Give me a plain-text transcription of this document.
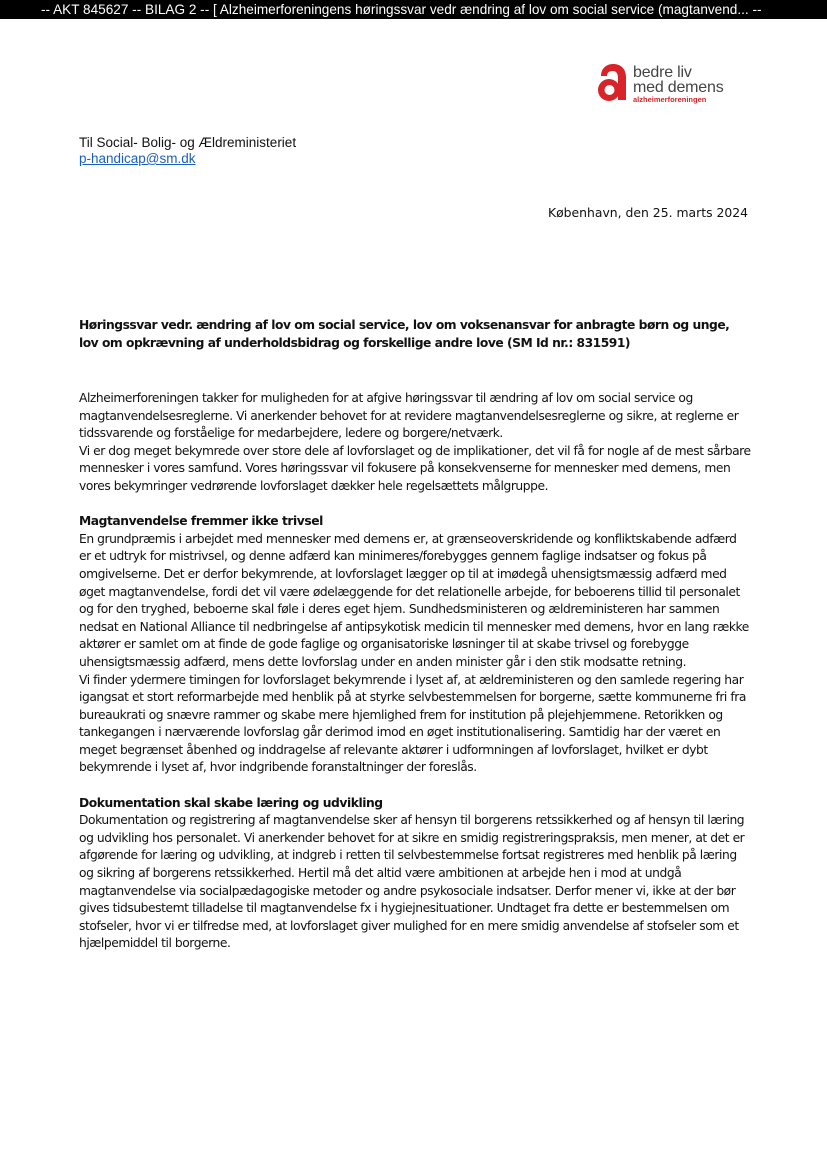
-- AKT 845627 -- BILAG 2 -- [ Alzheimerforeningens høringssvar vedr ændring af lov om social service (magtanvend... --
bedre liv
med demens
alzheimerforeningen
Til Social- Bolig- og Ældreministeriet
p-handicap@sm.dk
København, den 25. marts 2024
Høringssvar vedr. ændring af lov om social service, lov om voksenansvar for anbragte børn og unge, lov om opkrævning af underholdsbidrag og forskellige andre love (SM Id nr.: 831591)

Alzheimerforeningen takker for muligheden for at afgive høringssvar til ændring af lov om social service og magtanvendelsesreglerne. Vi anerkender behovet for at revidere magtanvendelsesreglerne og sikre, at reglerne er tidssvarende og forståelige for medarbejdere, ledere og borgere/netværk.

Vi er dog meget bekymrede over store dele af lovforslaget og de implikationer, det vil få for nogle af de mest sårbare mennesker i vores samfund. Vores høringssvar vil fokusere på konsekvenserne for mennesker med demens, men vores bekymringer vedrørende lovforslaget dækker hele regelsættets målgruppe.

Magtanvendelse fremmer ikke trivsel

En grundpræmis i arbejdet med mennesker med demens er, at grænseoverskridende og konfliktskabende adfærd er et udtryk for mistrivsel, og denne adfærd kan minimeres/forebygges gennem faglige indsatser og fokus på omgivelserne. Det er derfor bekymrende, at lovforslaget lægger op til at imødegå uhensigtsmæssig adfærd med øget magtanvendelse, fordi det vil være ødelæggende for det relationelle arbejde, for beboerens tillid til personalet og for den tryghed, beboerne skal føle i deres eget hjem. Sundhedsministeren og ældreministeren har sammen nedsat en National Alliance til nedbringelse af antipsykotisk medicin til mennesker med demens, hvor en lang række aktører er samlet om at finde de gode faglige og organisatoriske løsninger til at skabe trivsel og forebygge uhensigtsmæssig adfærd, mens dette lovforslag under en anden minister går i den stik modsatte retning.

Vi finder ydermere timingen for lovforslaget bekymrende i lyset af, at ældreministeren og den samlede regering har igangsat et stort reformarbejde med henblik på at styrke selvbestemmelsen for borgerne, sætte kommunerne fri fra bureaukrati og snævre rammer og skabe mere hjemlighed frem for institution på plejehjemmene. Retorikken og tankegangen i nærværende lovforslag går derimod imod en øget institutionalisering. Samtidig har der været en meget begrænset åbenhed og inddragelse af relevante aktører i udformningen af lovforslaget, hvilket er dybt bekymrende i lyset af, hvor indgribende foranstaltninger der foreslås.

Dokumentation skal skabe læring og udvikling

Dokumentation og registrering af magtanvendelse sker af hensyn til borgerens retssikkerhed og af hensyn til læring og udvikling hos personalet. Vi anerkender behovet for at sikre en smidig registreringspraksis, men mener, at det er afgørende for læring og udvikling, at indgreb i retten til selvbestemmelse fortsat registreres med henblik på læring og sikring af borgerens retssikkerhed. Hertil må det altid være ambitionen at arbejde hen i mod at undgå magtanvendelse via socialpædagogiske metoder og andre psykosociale indsatser. Derfor mener vi, ikke at der bør gives tidsubestemt tilladelse til magtanvendelse fx i hygiejnesituationer. Undtaget fra dette er bestemmelsen om stofseler, hvor vi er tilfredse med, at lovforslaget giver mulighed for en mere smidig anvendelse af stofseler som et hjælpemiddel til borgerne.
